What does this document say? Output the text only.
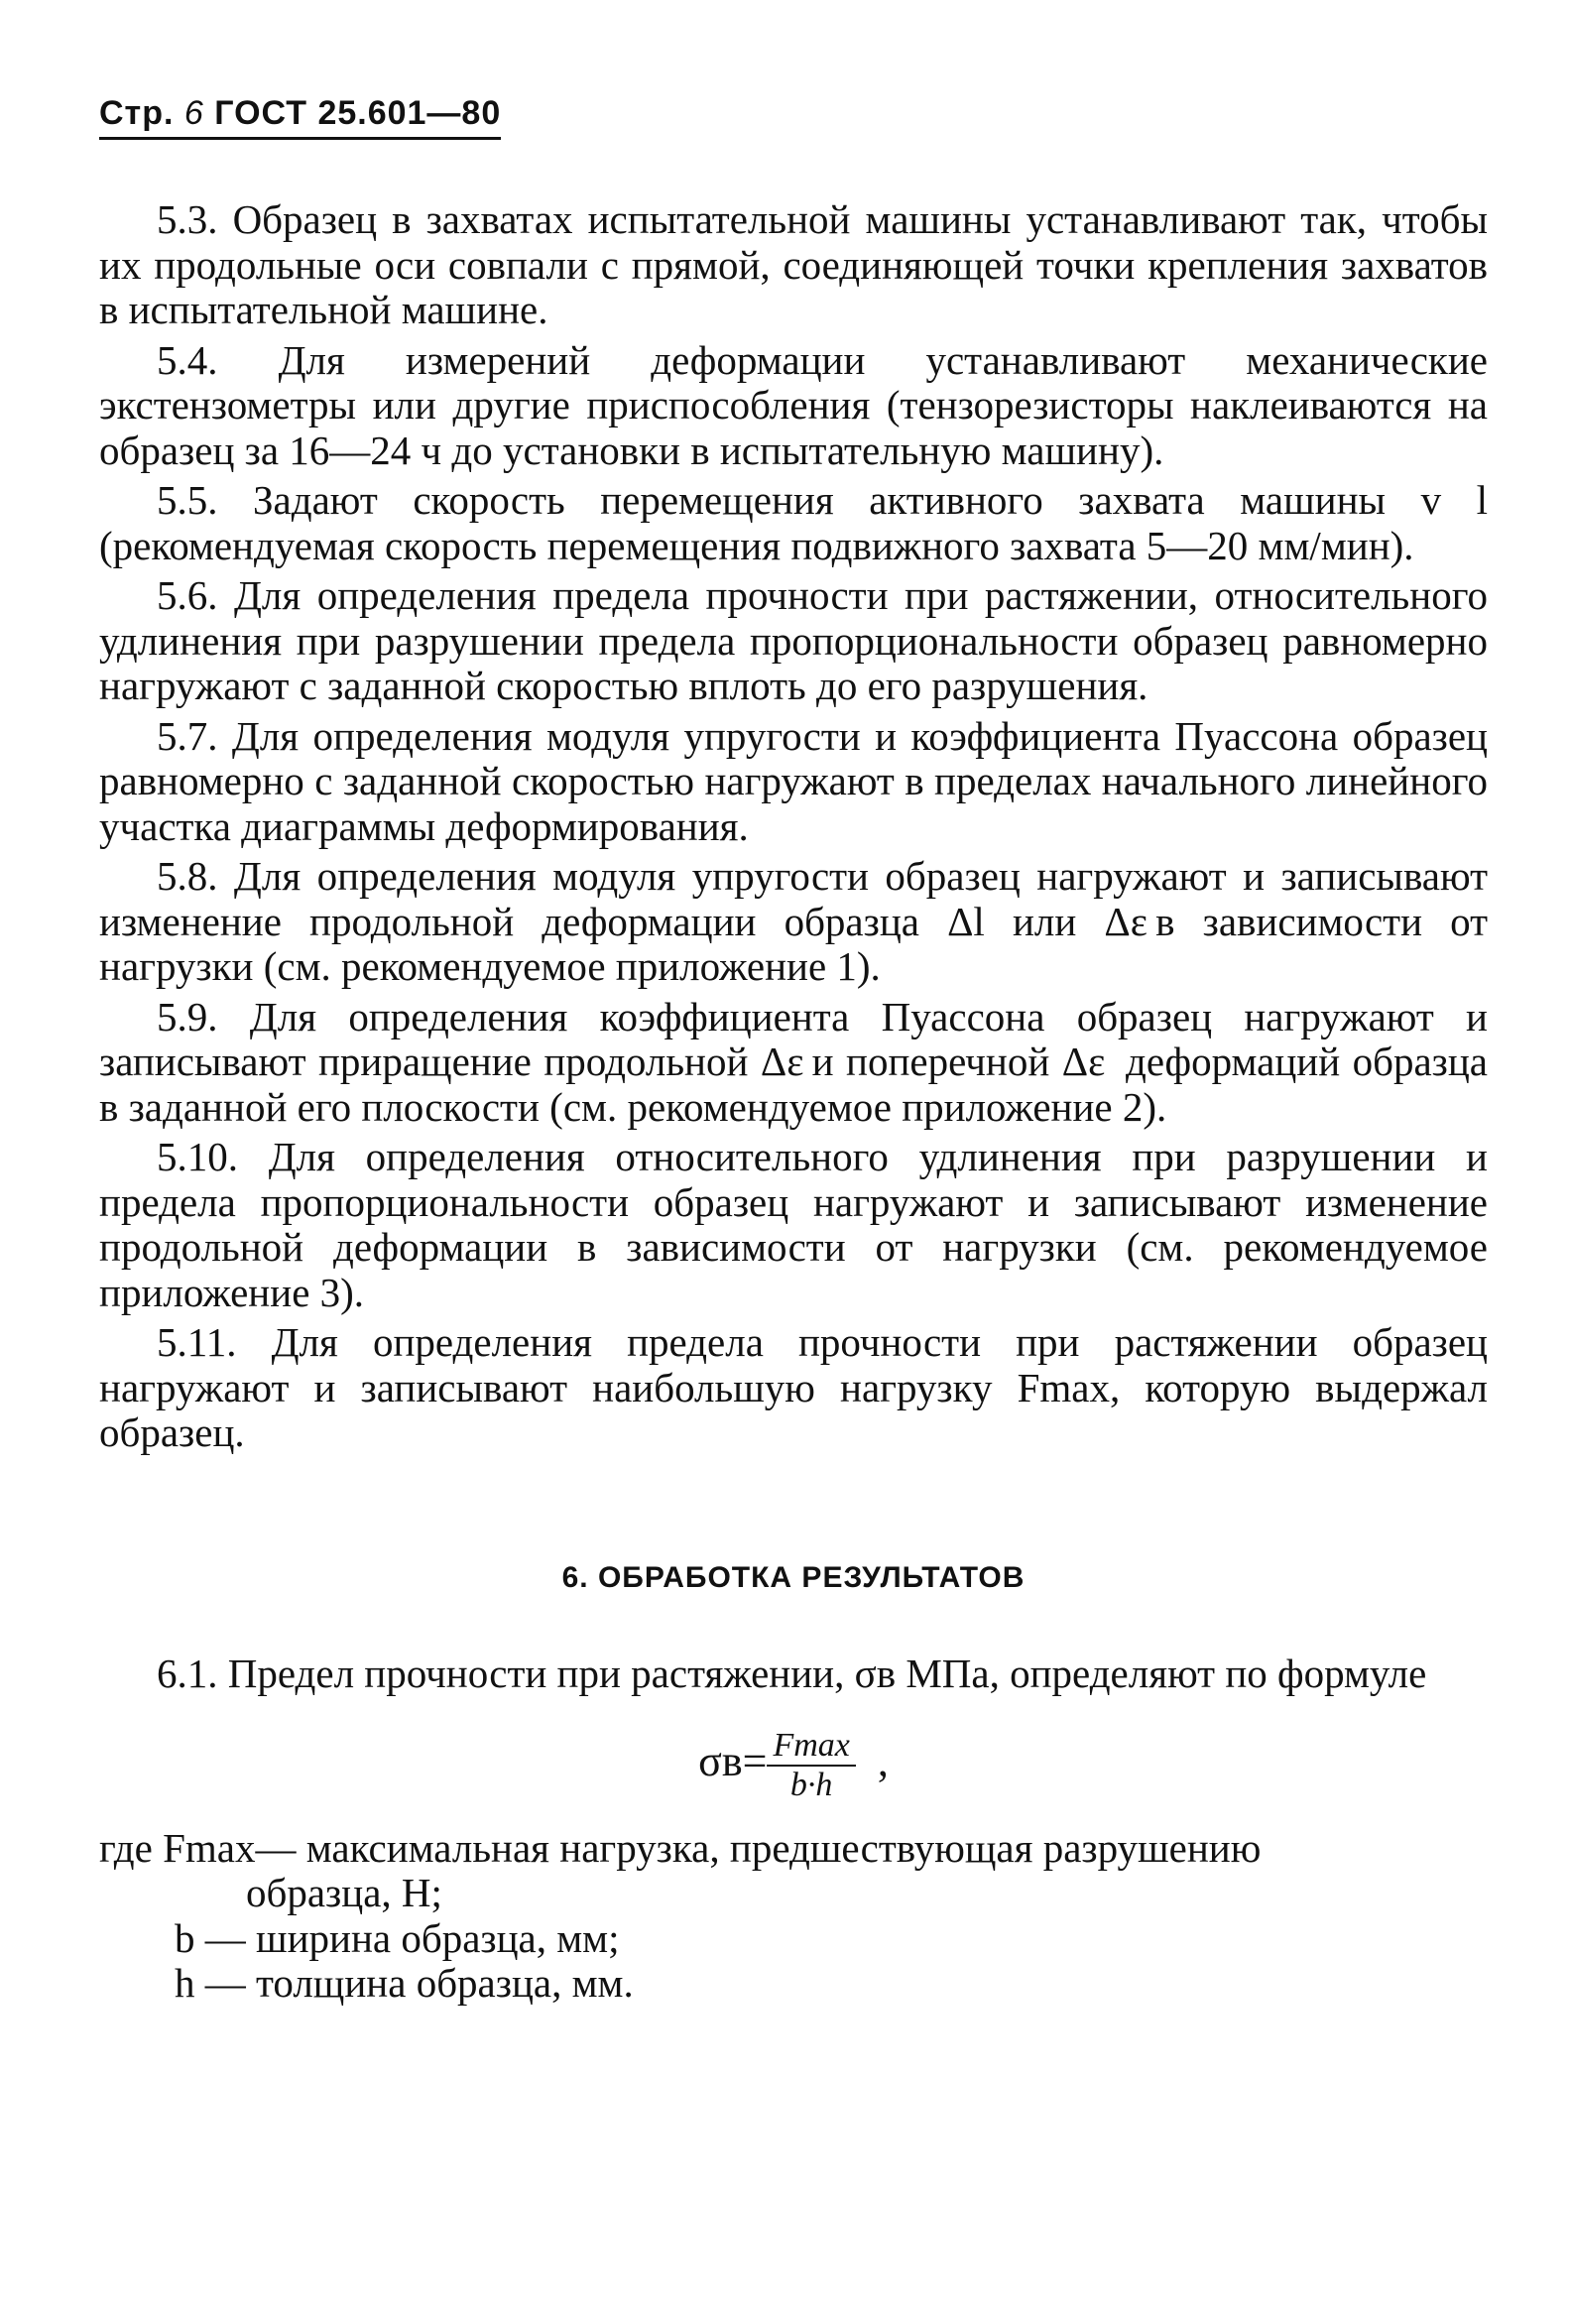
Стр. 6 ГОСТ 25.601—80

5.3. Образец в захватах испытательной машины устанавливают так, чтобы их продольные оси совпали с прямой, соединяющей точки крепления захватов в испытательной машине.

5.4. Для измерений деформации устанавливают механические экстензометры или другие приспособления (тензорезисторы наклеиваются на образец за 16—24 ч до установки в испытательную машину).

5.5. Задают скорость перемещения активного захвата машины v l (рекомендуемая скорость перемещения подвижного захвата 5—20 мм/мин).

5.6. Для определения предела прочности при растяжении, относительного удлинения при разрушении предела пропорциональности образец равномерно нагружают с заданной скоростью вплоть до его разрушения.

5.7. Для определения модуля упругости и коэффициента Пуассона образец равномерно с заданной скоростью нагружают в пределах начального линейного участка диаграммы деформирования.

5.8. Для определения модуля упругости образец нагружают и записывают изменение продольной деформации образца Δl или Δε в зависимости от нагрузки (см. рекомендуемое приложение 1).

5.9. Для определения коэффициента Пуассона образец нагружают и записывают приращение продольной Δε и поперечной Δε  деформаций образца в заданной его плоскости (см. рекомендуемое приложение 2).

5.10. Для определения относительного удлинения при разрушении и предела пропорциональности образец нагружают и записывают изменение продольной деформации в зависимости от нагрузки (см. рекомендуемое приложение 3).

5.11. Для определения предела прочности при растяжении образец нагружают и записывают наибольшую нагрузку Fmax, которую выдержал образец.

6. ОБРАБОТКА РЕЗУЛЬТАТОВ

6.1. Предел прочности при растяжении, σв МПа, определяют по формуле

$\sigma в= \frac{Fmax}{b\cdot h}$ ,
где Fmax — максимальная нагрузка, предшествующая разрушению
образца, Н;
b — ширина образца, мм;
h — толщина образца, мм.
